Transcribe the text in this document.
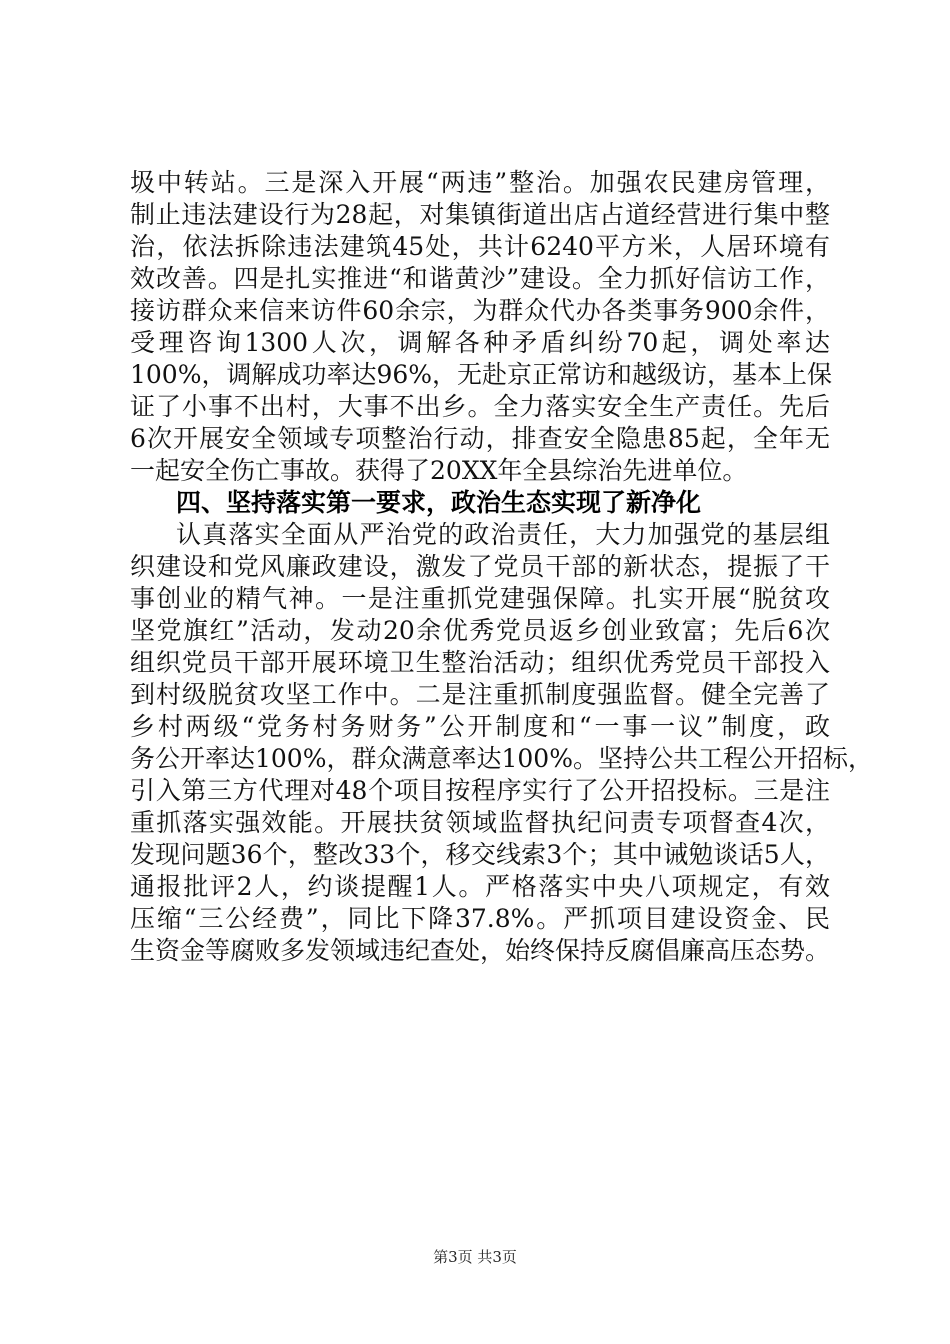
圾中转站。三是深入开展“两违”整治。加强农民建房管理，
制止违法建设行为28起，对集镇街道出店占道经营进行集中整
治，依法拆除违法建筑45处，共计6240平方米，人居环境有
效改善。四是扎实推进“和谐黄沙”建设。全力抓好信访工作，
接访群众来信来访件60余宗，为群众代办各类事务900余件，
受理咨询1300人次，调解各种矛盾纠纷70起，调处率达
100%，调解成功率达96%，无赴京正常访和越级访，基本上保
证了小事不出村，大事不出乡。全力落实安全生产责任。先后
6次开展安全领域专项整治行动，排查安全隐患85起，全年无
一起安全伤亡事故。获得了20XX年全县综治先进单位。
四、坚持落实第一要求，政治生态实现了新净化
认真落实全面从严治党的政治责任，大力加强党的基层组
织建设和党风廉政建设，激发了党员干部的新状态，提振了干
事创业的精气神。一是注重抓党建强保障。扎实开展“脱贫攻
坚党旗红”活动，发动20余优秀党员返乡创业致富；先后6次
组织党员干部开展环境卫生整治活动；组织优秀党员干部投入
到村级脱贫攻坚工作中。二是注重抓制度强监督。健全完善了
乡村两级“党务村务财务”公开制度和“一事一议”制度，政
务公开率达100%，群众满意率达100%。坚持公共工程公开招标，
引入第三方代理对48个项目按程序实行了公开招投标。三是注
重抓落实强效能。开展扶贫领域监督执纪问责专项督查4次，
发现问题36个，整改33个，移交线索3个；其中诫勉谈话5人，
通报批评2人，约谈提醒1人。严格落实中央八项规定，有效
压缩“三公经费”，同比下降37.8%。严抓项目建设资金、民
生资金等腐败多发领域违纪查处，始终保持反腐倡廉高压态势。
第3页 共3页
